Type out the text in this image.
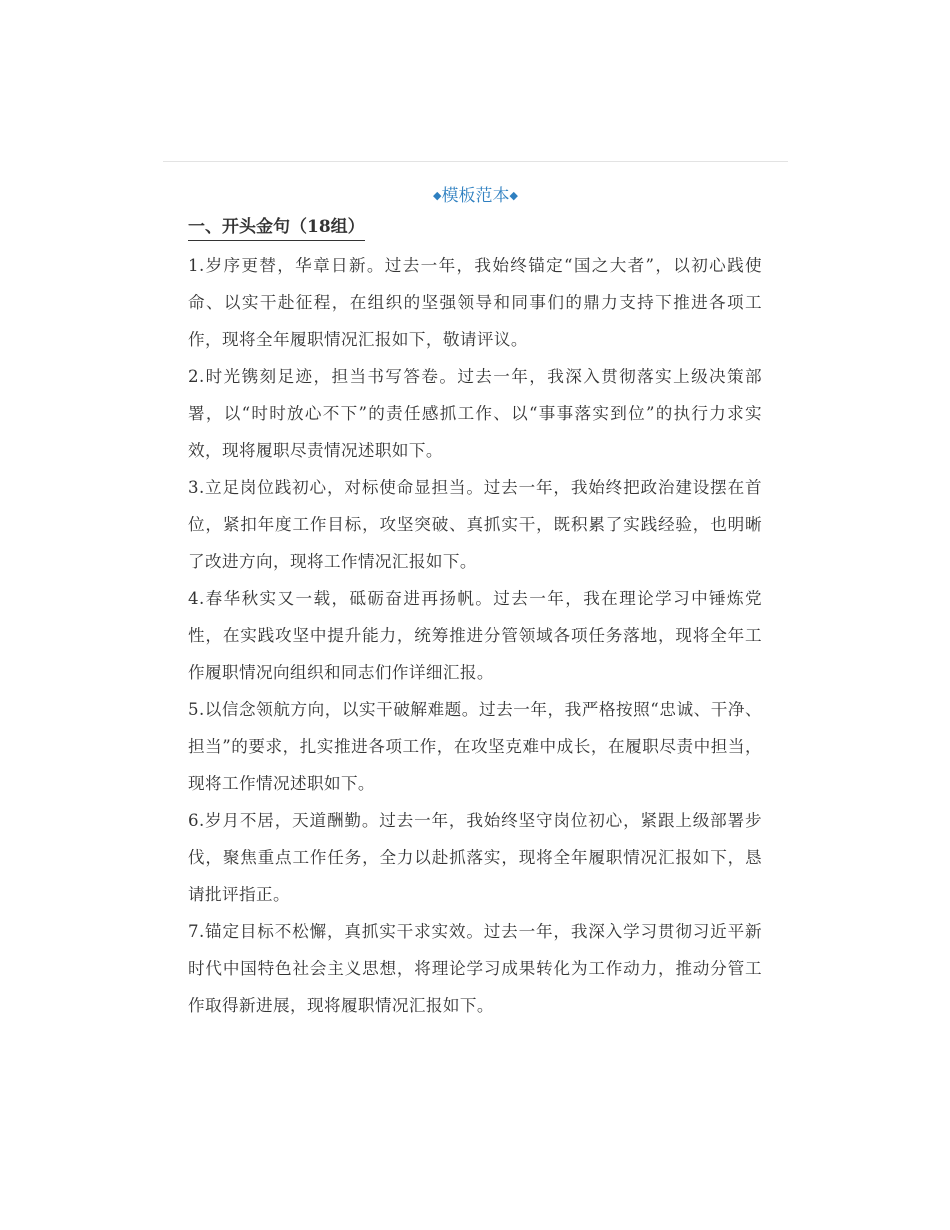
◆模板范本◆
一、开头金句（18组）

1.岁序更替，华章日新。过去一年，我始终锚定“国之大者”，以初心践使命、以实干赴征程，在组织的坚强领导和同事们的鼎力支持下推进各项工作，现将全年履职情况汇报如下，敬请评议。

2.时光镌刻足迹，担当书写答卷。过去一年，我深入贯彻落实上级决策部署，以“时时放心不下”的责任感抓工作、以“事事落实到位”的执行力求实效，现将履职尽责情况述职如下。

3.立足岗位践初心，对标使命显担当。过去一年，我始终把政治建设摆在首位，紧扣年度工作目标，攻坚突破、真抓实干，既积累了实践经验，也明晰了改进方向，现将工作情况汇报如下。

4.春华秋实又一载，砥砺奋进再扬帆。过去一年，我在理论学习中锤炼党性，在实践攻坚中提升能力，统筹推进分管领域各项任务落地，现将全年工作履职情况向组织和同志们作详细汇报。

5.以信念领航方向，以实干破解难题。过去一年，我严格按照“忠诚、干净、担当”的要求，扎实推进各项工作，在攻坚克难中成长，在履职尽责中担当，现将工作情况述职如下。

6.岁月不居，天道酬勤。过去一年，我始终坚守岗位初心，紧跟上级部署步伐，聚焦重点工作任务，全力以赴抓落实，现将全年履职情况汇报如下，恳请批评指正。

7.锚定目标不松懈，真抓实干求实效。过去一年，我深入学习贯彻习近平新时代中国特色社会主义思想，将理论学习成果转化为工作动力，推动分管工作取得新进展，现将履职情况汇报如下。
